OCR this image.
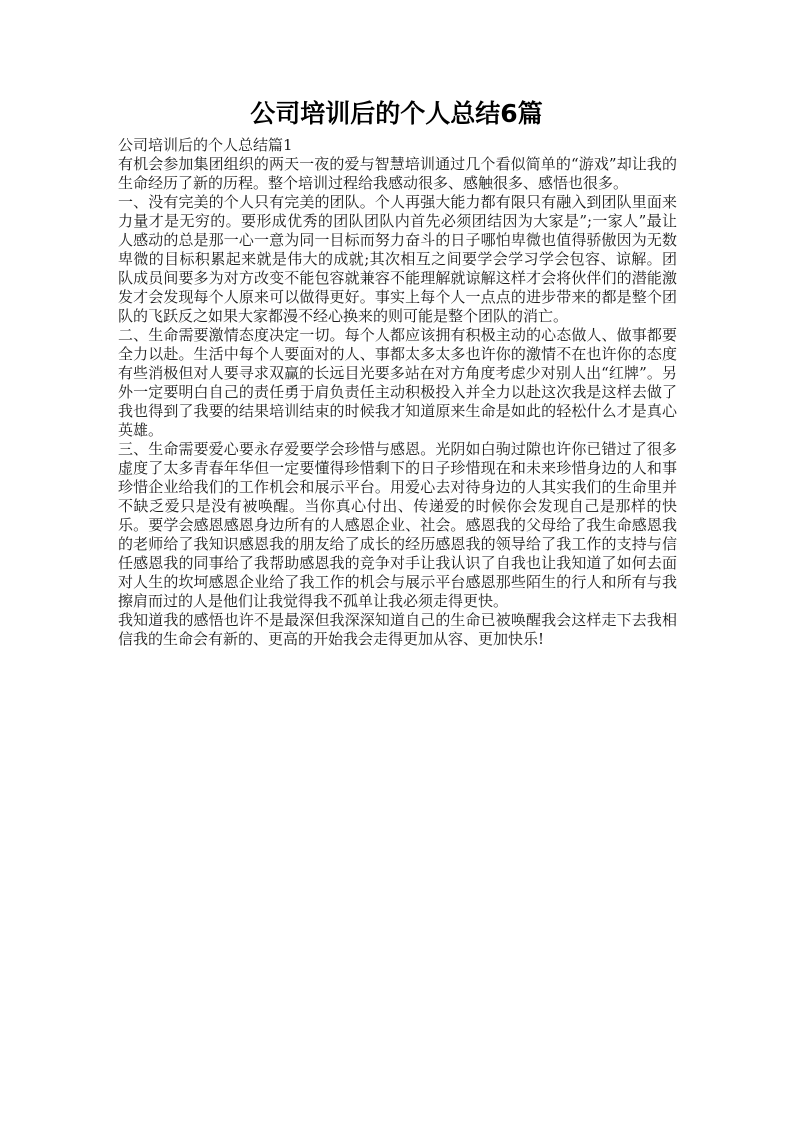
公司培训后的个人总结6篇

公司培训后的个人总结篇1

有机会参加集团组织的两天一夜的爱与智慧培训通过几个看似简单的“游戏”却让我的生命经历了新的历程。整个培训过程给我感动很多、感触很多、感悟也很多。

一、没有完美的个人只有完美的团队。个人再强大能力都有限只有融入到团队里面来力量才是无穷的。要形成优秀的团队团队内首先必须团结因为大家是”;一家人”最让人感动的总是那一心一意为同一目标而努力奋斗的日子哪怕卑微也值得骄傲因为无数卑微的目标积累起来就是伟大的成就;其次相互之间要学会学习学会包容、谅解。团队成员间要多为对方改变不能包容就兼容不能理解就谅解这样才会将伙伴们的潜能激发才会发现每个人原来可以做得更好。事实上每个人一点点的进步带来的都是整个团队的飞跃反之如果大家都漫不经心换来的则可能是整个团队的消亡。

二、生命需要激情态度决定一切。每个人都应该拥有积极主动的心态做人、做事都要全力以赴。生活中每个人要面对的人、事都太多太多也许你的激情不在也许你的态度有些消极但对人要寻求双赢的长远目光要多站在对方角度考虑少对别人出“红牌”。另外一定要明白自己的责任勇于肩负责任主动积极投入并全力以赴这次我是这样去做了我也得到了我要的结果培训结束的时候我才知道原来生命是如此的轻松什么才是真心英雄。

三、生命需要爱心要永存爱要学会珍惜与感恩。光阴如白驹过隙也许你已错过了很多虚度了太多青春年华但一定要懂得珍惜剩下的日子珍惜现在和未来珍惜身边的人和事珍惜企业给我们的工作机会和展示平台。用爱心去对待身边的人其实我们的生命里并不缺乏爱只是没有被唤醒。当你真心付出、传递爱的时候你会发现自己是那样的快乐。要学会感恩感恩身边所有的人感恩企业、社会。感恩我的父母给了我生命感恩我的老师给了我知识感恩我的朋友给了成长的经历感恩我的领导给了我工作的支持与信任感恩我的同事给了我帮助感恩我的竞争对手让我认识了自我也让我知道了如何去面对人生的坎坷感恩企业给了我工作的机会与展示平台感恩那些陌生的行人和所有与我擦肩而过的人是他们让我觉得我不孤单让我必须走得更快。

我知道我的感悟也许不是最深但我深深知道自己的生命已被唤醒我会这样走下去我相信我的生命会有新的、更高的开始我会走得更加从容、更加快乐!
